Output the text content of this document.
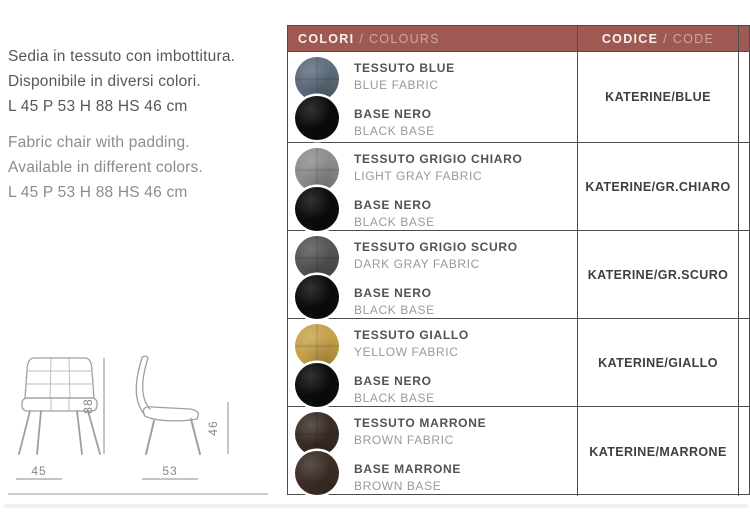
Sedia in tessuto con imbottitura.
Disponibile in diversi colori.
L 45 P 53 H 88 HS 46 cm
Fabric chair with padding.
Available in different colors.
L 45 P 53 H 88 HS 46 cm
45	53
88
46
COLORI / COLOURS	CODICE / CODE
TESSUTO BLUE
BLUE FABRIC
BASE NERO
BLACK BASE
KATERINE/BLUE
TESSUTO GRIGIO CHIARO
LIGHT GRAY FABRIC
BASE NERO
BLACK BASE
KATERINE/GR.CHIARO
TESSUTO GRIGIO SCURO
DARK GRAY FABRIC
BASE NERO
BLACK BASE
KATERINE/GR.SCURO
TESSUTO GIALLO
YELLOW FABRIC
BASE NERO
BLACK BASE
KATERINE/GIALLO
TESSUTO MARRONE
BROWN FABRIC
BASE MARRONE
BROWN BASE
KATERINE/MARRONE
